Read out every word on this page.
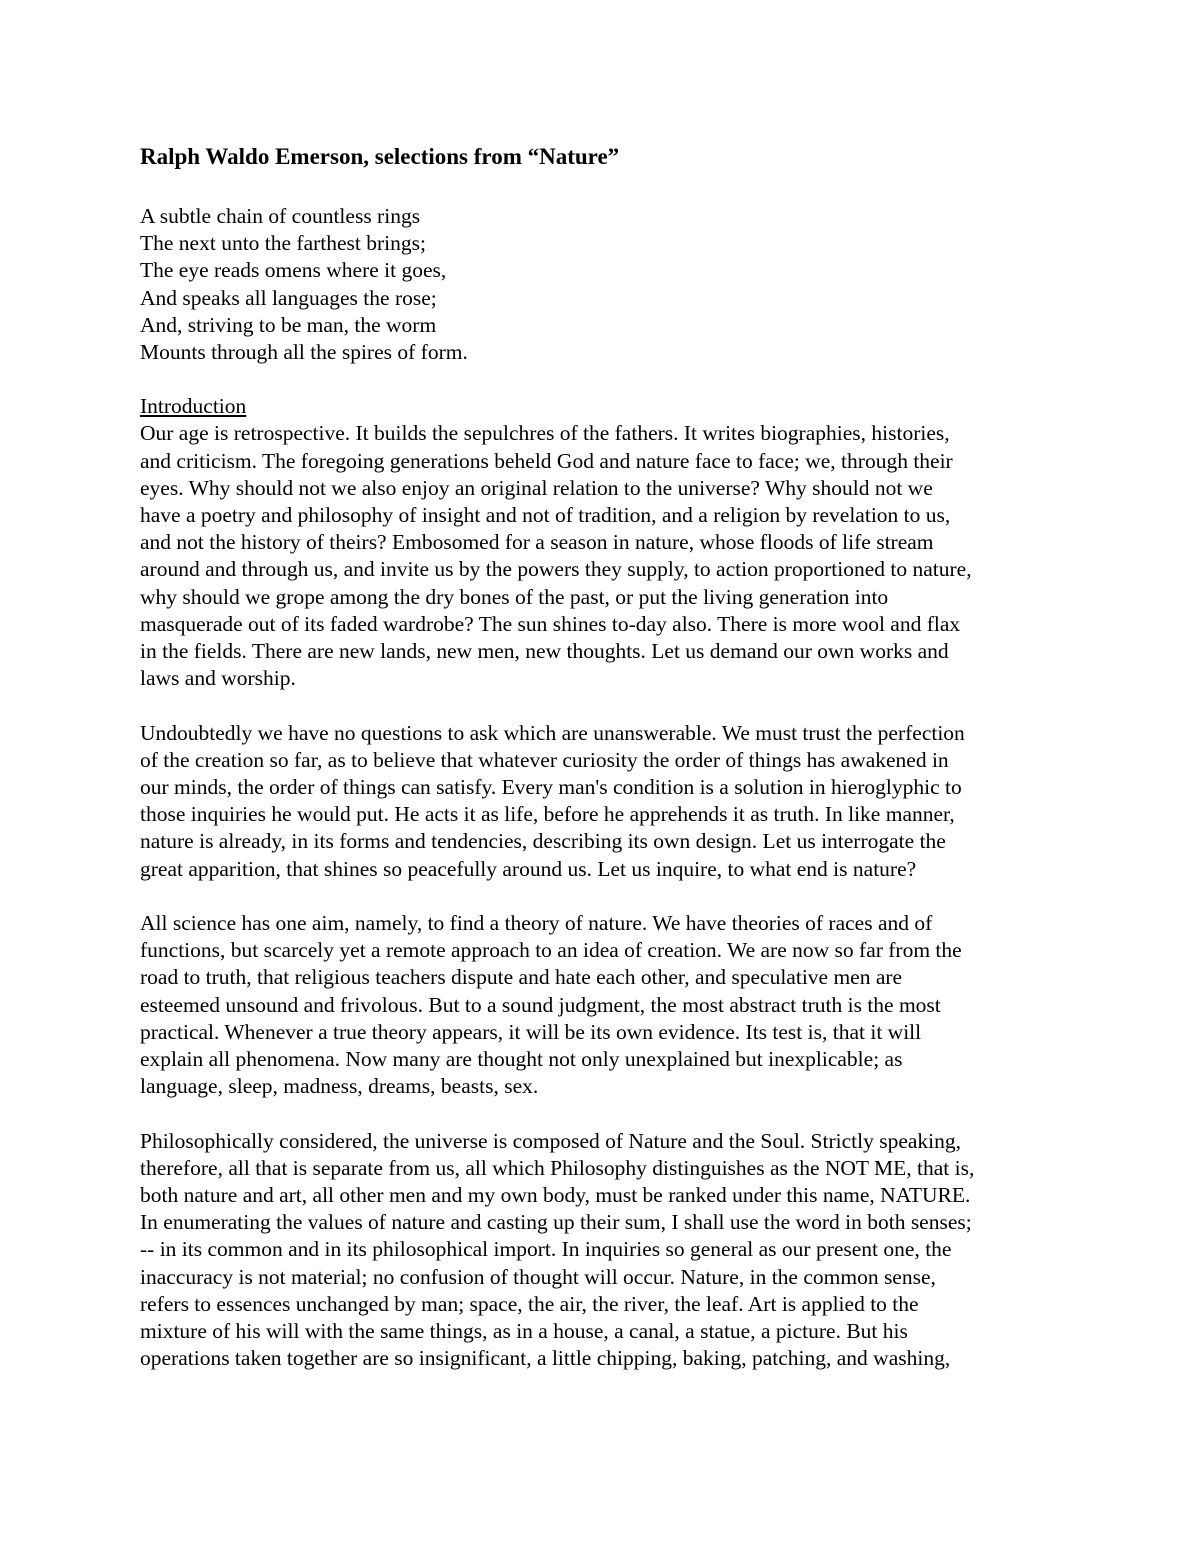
Ralph Waldo Emerson, selections from “Nature”
A subtle chain of countless rings
The next unto the farthest brings;
The eye reads omens where it goes,
And speaks all languages the rose;
And, striving to be man, the worm
Mounts through all the spires of form.
Introduction
Our age is retrospective. It builds the sepulchres of the fathers. It writes biographies, histories,
and criticism. The foregoing generations beheld God and nature face to face; we, through their
eyes. Why should not we also enjoy an original relation to the universe? Why should not we
have a poetry and philosophy of insight and not of tradition, and a religion by revelation to us,
and not the history of theirs? Embosomed for a season in nature, whose floods of life stream
around and through us, and invite us by the powers they supply, to action proportioned to nature,
why should we grope among the dry bones of the past, or put the living generation into
masquerade out of its faded wardrobe? The sun shines to-day also. There is more wool and flax
in the fields. There are new lands, new men, new thoughts. Let us demand our own works and
laws and worship.
Undoubtedly we have no questions to ask which are unanswerable. We must trust the perfection
of the creation so far, as to believe that whatever curiosity the order of things has awakened in
our minds, the order of things can satisfy. Every man's condition is a solution in hieroglyphic to
those inquiries he would put. He acts it as life, before he apprehends it as truth. In like manner,
nature is already, in its forms and tendencies, describing its own design. Let us interrogate the
great apparition, that shines so peacefully around us. Let us inquire, to what end is nature?
All science has one aim, namely, to find a theory of nature. We have theories of races and of
functions, but scarcely yet a remote approach to an idea of creation. We are now so far from the
road to truth, that religious teachers dispute and hate each other, and speculative men are
esteemed unsound and frivolous. But to a sound judgment, the most abstract truth is the most
practical. Whenever a true theory appears, it will be its own evidence. Its test is, that it will
explain all phenomena. Now many are thought not only unexplained but inexplicable; as
language, sleep, madness, dreams, beasts, sex.
Philosophically considered, the universe is composed of Nature and the Soul. Strictly speaking,
therefore, all that is separate from us, all which Philosophy distinguishes as the NOT ME, that is,
both nature and art, all other men and my own body, must be ranked under this name, NATURE.
In enumerating the values of nature and casting up their sum, I shall use the word in both senses;
-- in its common and in its philosophical import. In inquiries so general as our present one, the
inaccuracy is not material; no confusion of thought will occur. Nature, in the common sense,
refers to essences unchanged by man; space, the air, the river, the leaf. Art is applied to the
mixture of his will with the same things, as in a house, a canal, a statue, a picture. But his
operations taken together are so insignificant, a little chipping, baking, patching, and washing,
